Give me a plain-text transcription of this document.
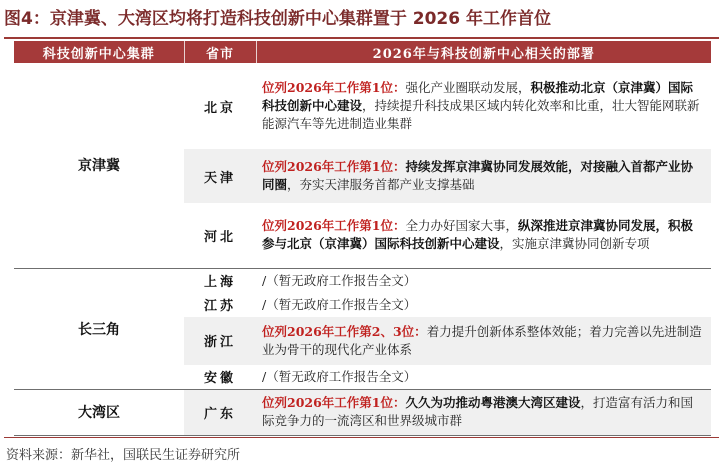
图4：京津冀、大湾区均将打造科技创新中心集群置于 2026 年工作首位
科技创新中心集群	省市	2026年与科技创新中心相关的部署
京津冀	北京	位列2026年工作第1位：强化产业圈联动发展，积极推动北京（京津冀）国际科技创新中心建设，持续提升科技成果区域内转化效率和比重，壮大智能网联新能源汽车等先进制造业集群
	天津	位列2026年工作第1位：持续发挥京津冀协同发展效能，对接融入首都产业协同圈，夯实天津服务首都产业支撑基础
	河北	位列2026年工作第1位：全力办好国家大事，纵深推进京津冀协同发展，积极参与北京（京津冀）国际科技创新中心建设，实施京津冀协同创新专项
长三角	上海	/（暂无政府工作报告全文）
	江苏	/（暂无政府工作报告全文）
	浙江	位列2026年工作第2、3位：着力提升创新体系整体效能；着力完善以先进制造业为骨干的现代化产业体系
	安徽	/（暂无政府工作报告全文）
大湾区	广东	位列2026年工作第1位：久久为功推动粤港澳大湾区建设，打造富有活力和国际竞争力的一流湾区和世界级城市群
资料来源：新华社，国联民生证券研究所
